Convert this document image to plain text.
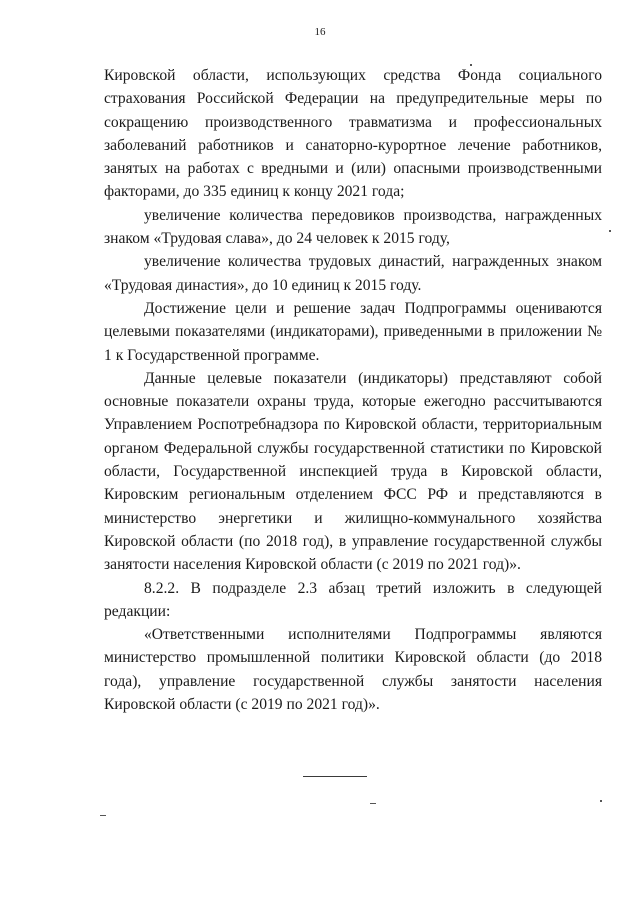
16

Кировской области, использующих средства Фонда социального страхования Российской Федерации на предупредительные меры по сокращению производственного травматизма и профессиональных заболеваний работников и санаторно-курортное лечение работников, занятых на работах с вредными и (или) опасными производственными факторами, до 335 единиц к концу 2021 года;

увеличение количества передовиков производства, награжденных знаком «Трудовая слава», до 24 человек к 2015 году,

увеличение количества трудовых династий, награжденных знаком «Трудовая династия», до 10 единиц к 2015 году.

Достижение цели и решение задач Подпрограммы оцениваются целевыми показателями (индикаторами), приведенными в приложении № 1 к Государственной программе.

Данные целевые показатели (индикаторы) представляют собой основные показатели охраны труда, которые ежегодно рассчитываются Управлением Роспотребнадзора по Кировской области, территориальным органом Федеральной службы государственной статистики по Кировской области, Государственной инспекцией труда в Кировской области, Кировским региональным отделением ФСС РФ и представляются в министерство энергетики и жилищно-коммунального хозяйства Кировской области (по 2018 год), в управление государственной службы занятости населения Кировской области (с 2019 по 2021 год)».

8.2.2. В подразделе 2.3 абзац третий изложить в следующей редакции:

«Ответственными исполнителями Подпрограммы являются министерство промышленной политики Кировской области (до 2018 года), управление государственной службы занятости населения Кировской области (с 2019 по 2021 год)».
